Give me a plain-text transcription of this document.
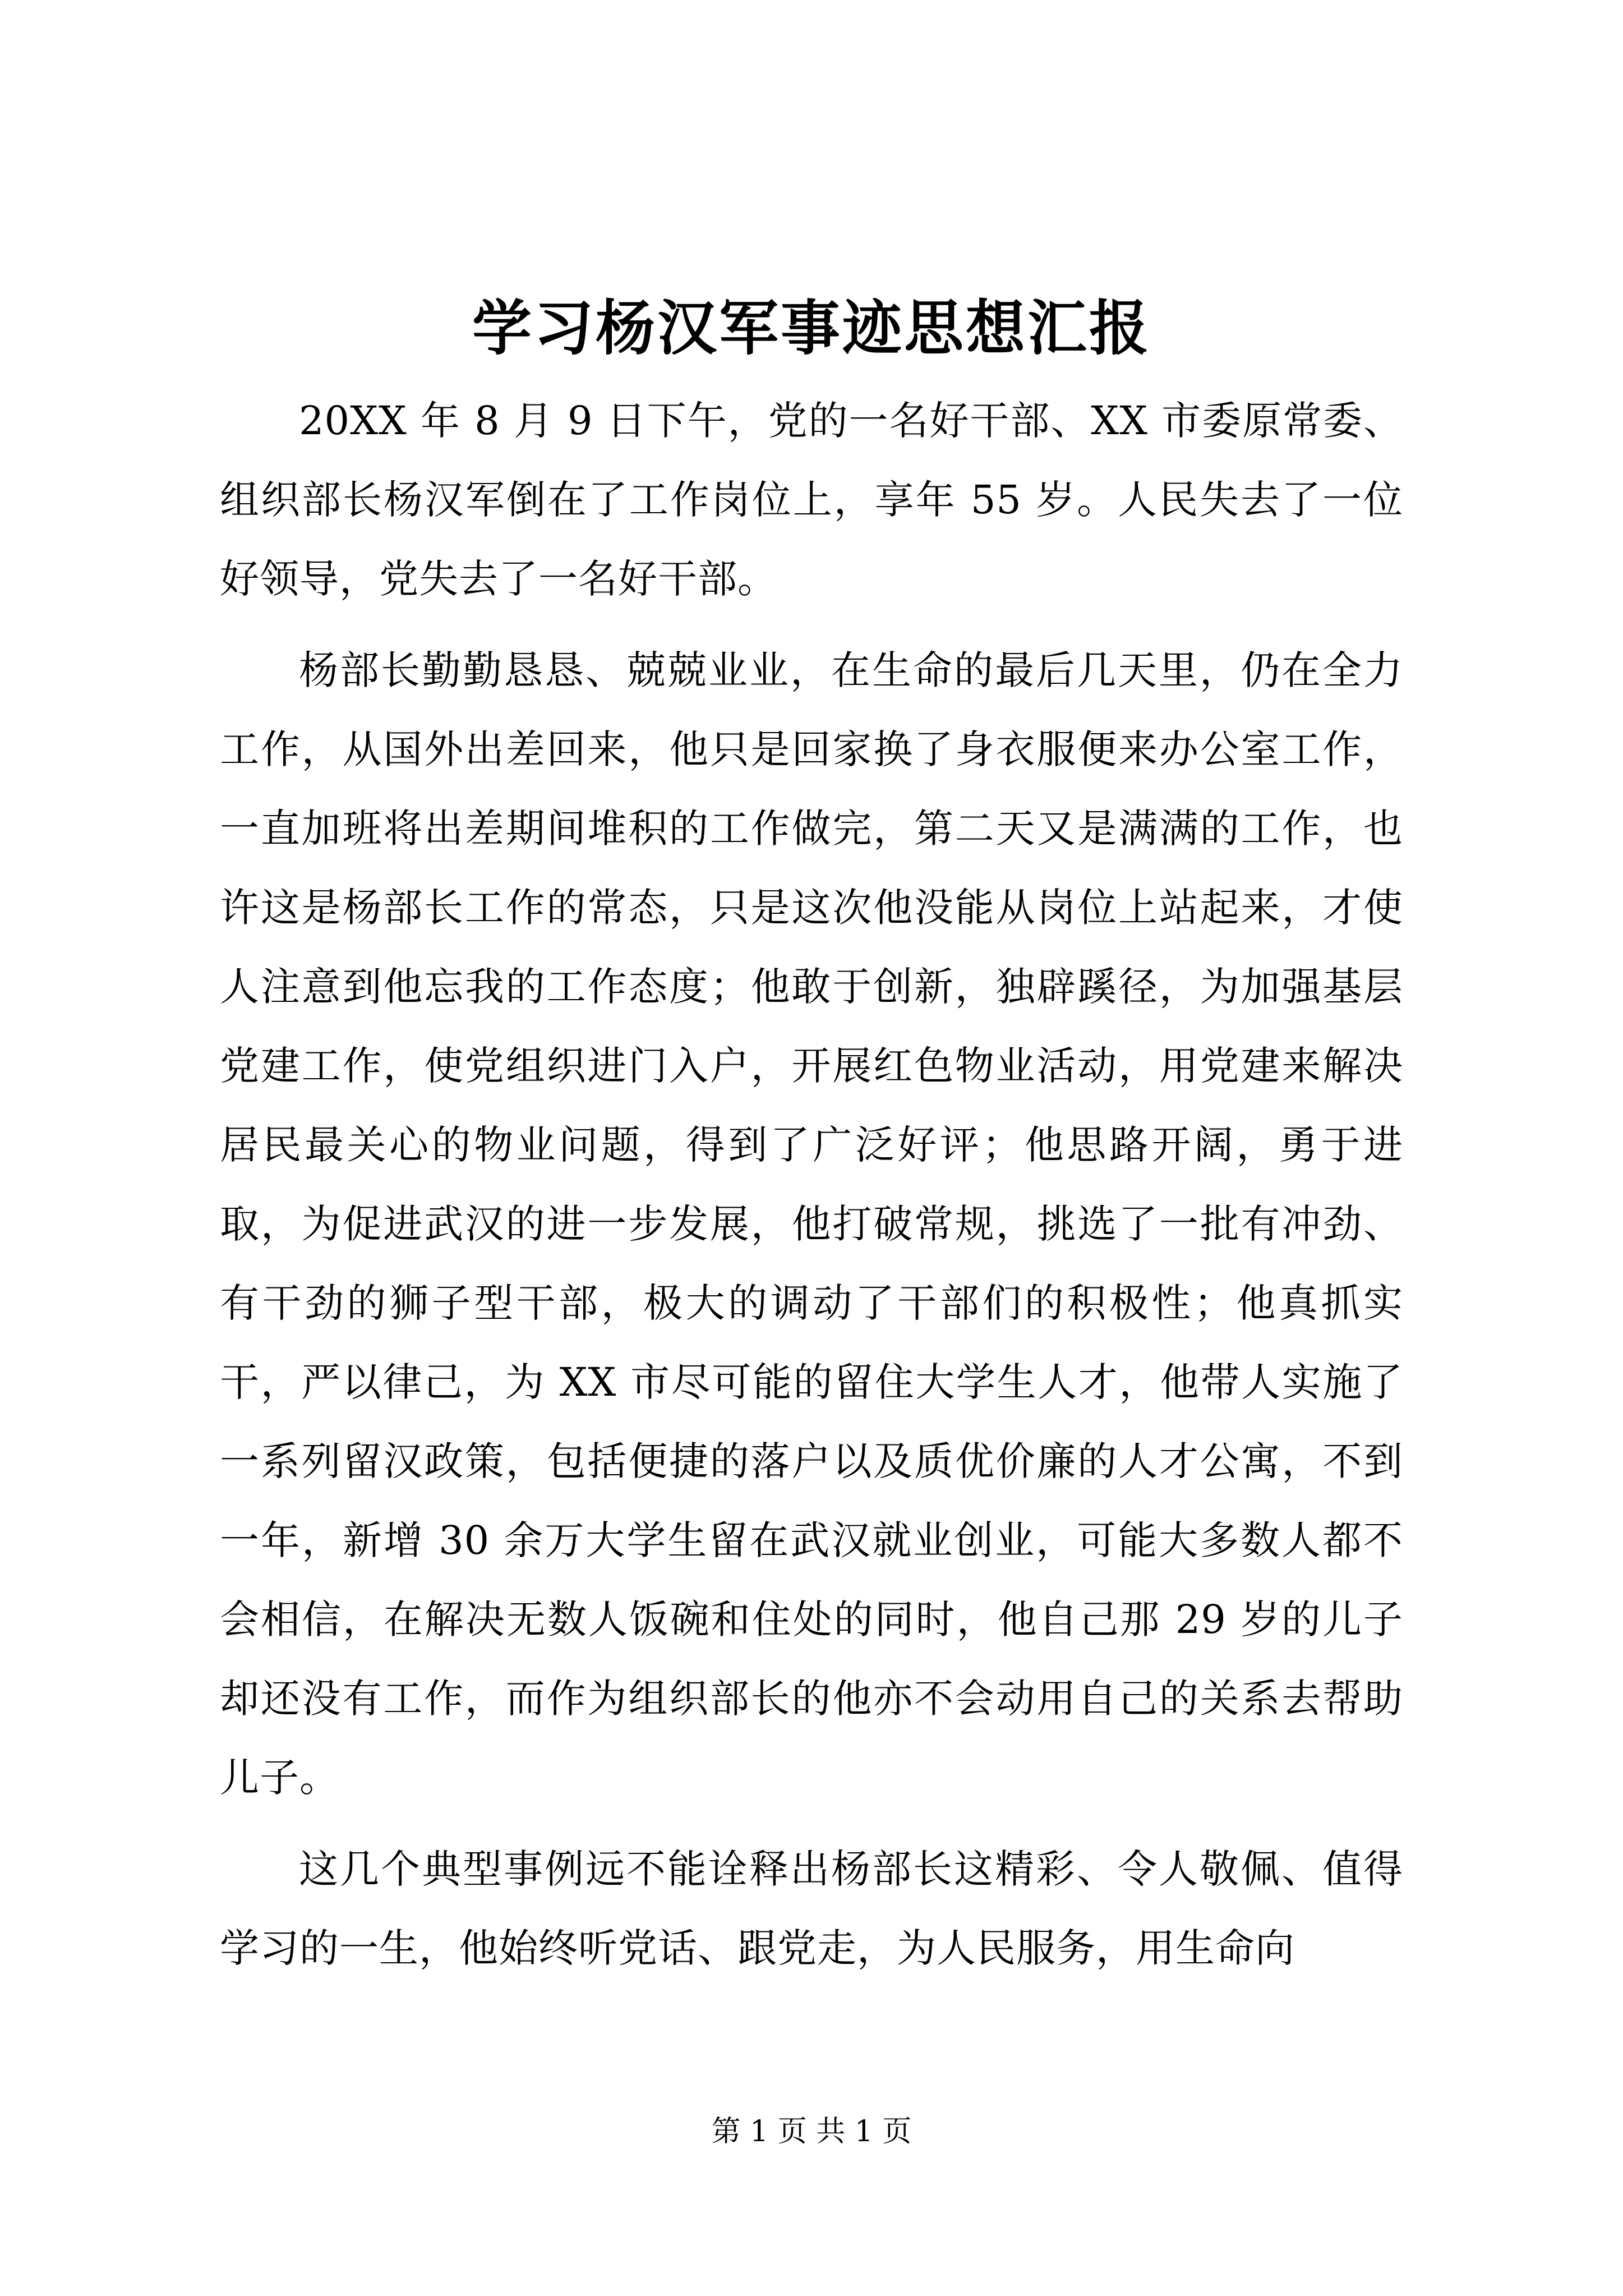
学习杨汉军事迹思想汇报

20XX 年 8 月 9 日下午，党的一名好干部、XX 市委原常委、组织部长杨汉军倒在了工作岗位上，享年 55 岁。人民失去了一位好领导，党失去了一名好干部。

杨部长勤勤恳恳、兢兢业业，在生命的最后几天里，仍在全力工作，从国外出差回来，他只是回家换了身衣服便来办公室工作，一直加班将出差期间堆积的工作做完，第二天又是满满的工作，也许这是杨部长工作的常态，只是这次他没能从岗位上站起来，才使人注意到他忘我的工作态度；他敢于创新，独辟蹊径，为加强基层党建工作，使党组织进门入户，开展红色物业活动，用党建来解决居民最关心的物业问题，得到了广泛好评；他思路开阔，勇于进取，为促进武汉的进一步发展，他打破常规，挑选了一批有冲劲、有干劲的狮子型干部，极大的调动了干部们的积极性；他真抓实干，严以律己，为 XX 市尽可能的留住大学生人才，他带人实施了一系列留汉政策，包括便捷的落户以及质优价廉的人才公寓，不到一年，新增 30 余万大学生留在武汉就业创业，可能大多数人都不会相信，在解决无数人饭碗和住处的同时，他自己那 29 岁的儿子却还没有工作，而作为组织部长的他亦不会动用自己的关系去帮助儿子。

这几个典型事例远不能诠释出杨部长这精彩、令人敬佩、值得学习的一生，他始终听党话、跟党走，为人民服务，用生命向

第 1 页 共 1 页
